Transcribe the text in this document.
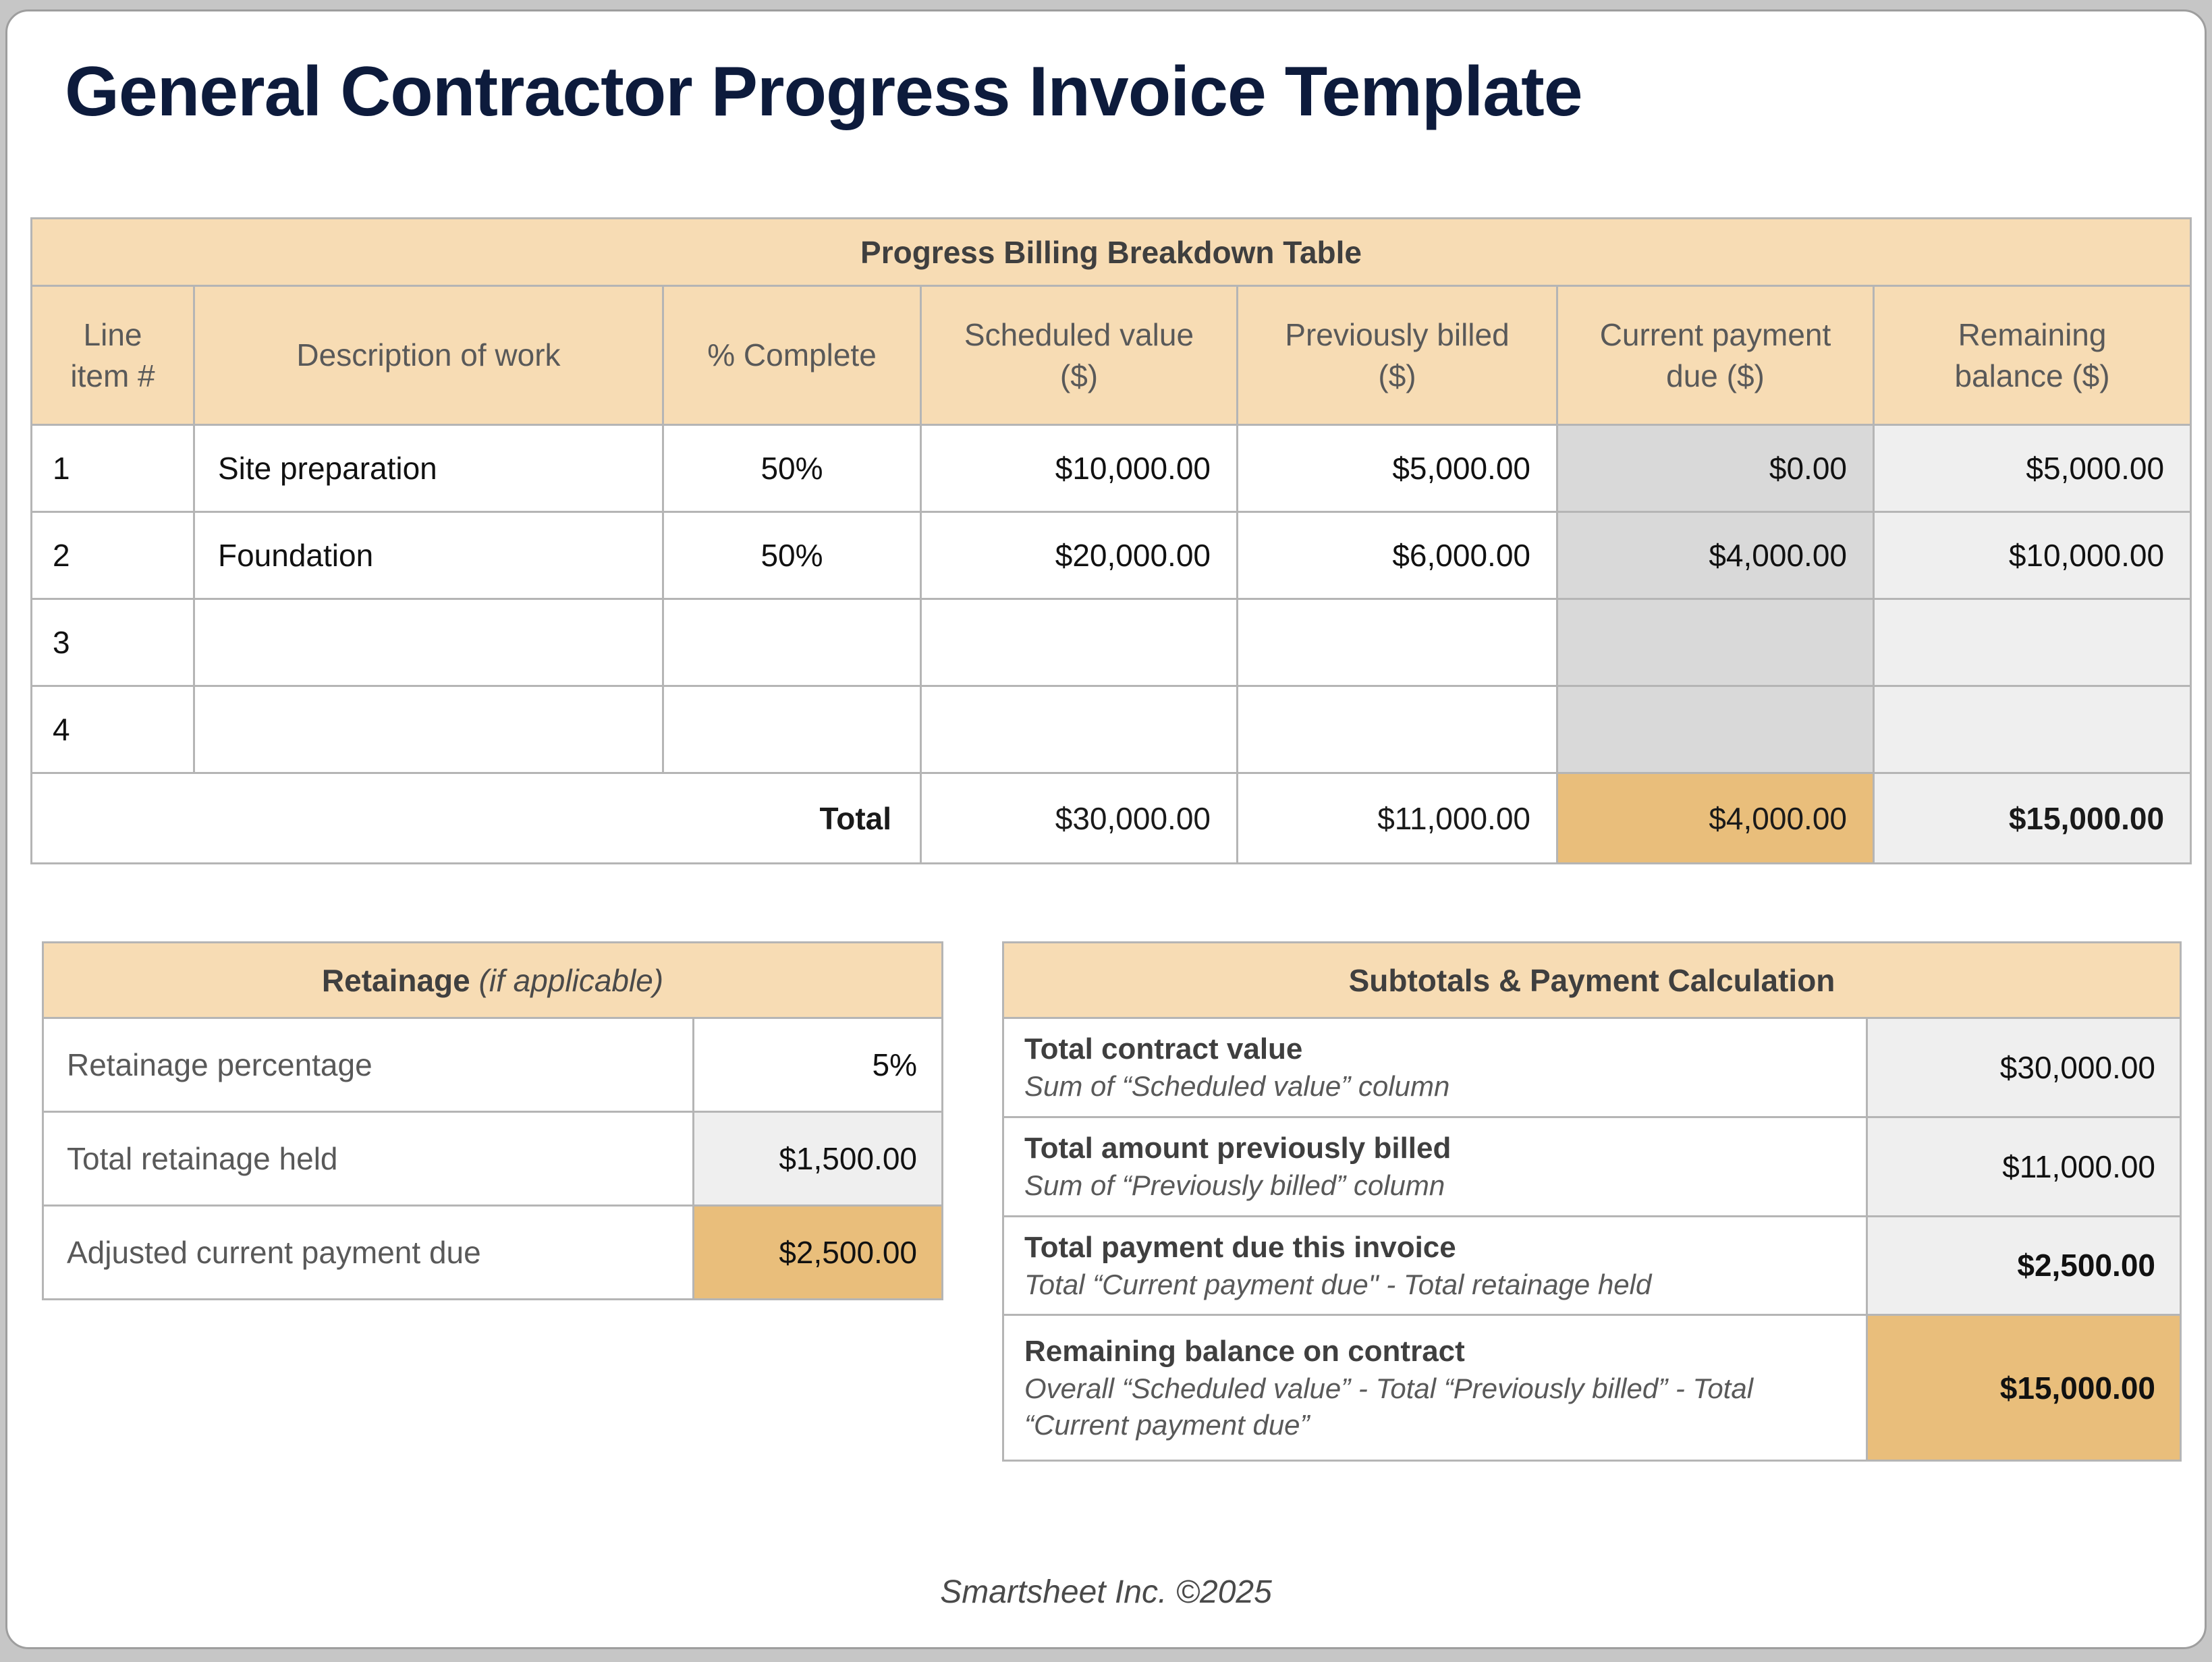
General Contractor Progress Invoice Template
Progress Billing Breakdown Table						
Line item #	Description of work	% Complete	Scheduled value ($)	Previously billed ($)	Current payment due ($)	Remaining balance ($)
1	Site preparation	50%	$10,000.00	$5,000.00	$0.00	$5,000.00
2	Foundation	50%	$20,000.00	$6,000.00	$4,000.00	$10,000.00
3						
4						
Total			$30,000.00	$11,000.00	$4,000.00	$15,000.00
Retainage (if applicable)	
Retainage percentage	5%
Total retainage held	$1,500.00
Adjusted current payment due	$2,500.00
Subtotals & Payment Calculation	

Total contract value
Sum of “Scheduled value” column	$30,000.00

Total amount previously billed
Sum of “Previously billed” column	$11,000.00

Total payment due this invoice
Total “Current payment due" - Total retainage held	$2,500.00

Remaining balance on contract
Overall “Scheduled value” - Total “Previously billed” - Total “Current payment due”	$15,000.00
Smartsheet Inc. ©2025
